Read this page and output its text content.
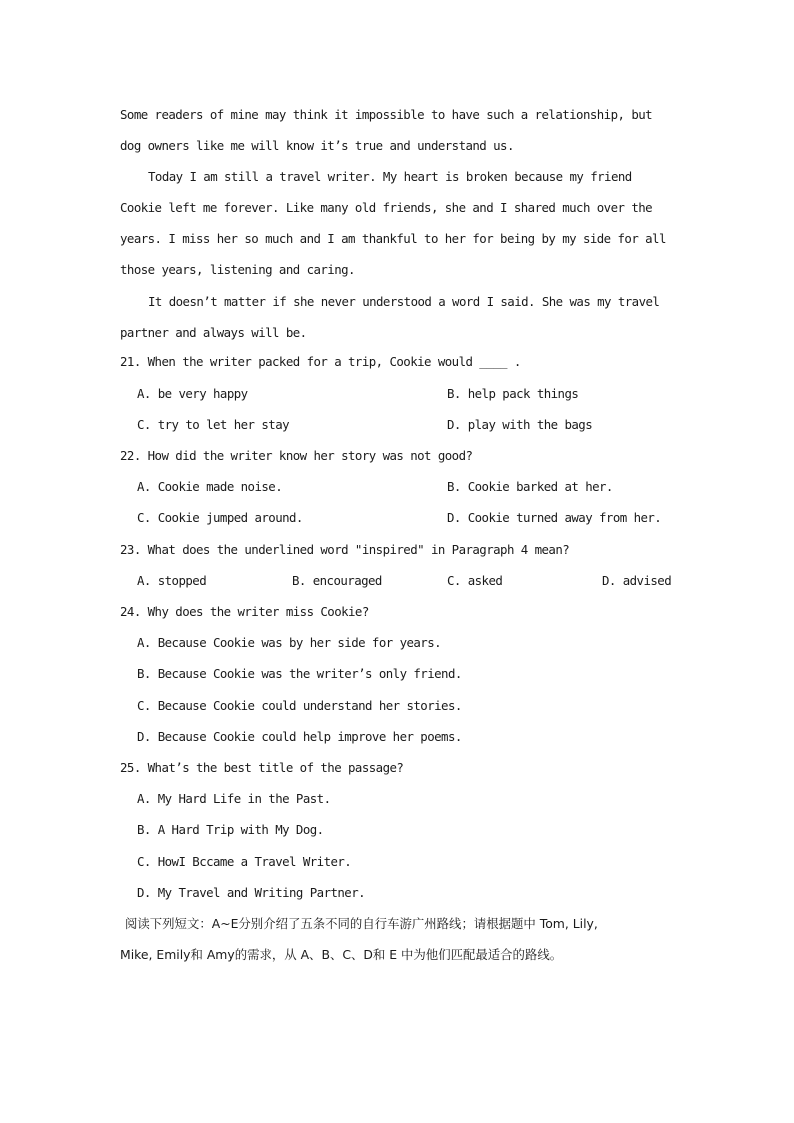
Some readers of mine may think it impossible to have such a relationship, but
dog owners like me will know it’s true and understand us.
Today I am still a travel writer. My heart is broken because my friend
Cookie left me forever. Like many old friends, she and I shared much over the
years. I miss her so much and I am thankful to her for being by my side for all
those years, listening and caring.
It doesn’t matter if she never understood a word I said. She was my travel
partner and always will be.
21. When the writer packed for a trip, Cookie would ____ .
A. be very happy	B. help pack things
C. try to let her stay	D. play with the bags
22. How did the writer know her story was not good?
A. Cookie made noise.	B. Cookie barked at her.
C. Cookie jumped around.	D. Cookie turned away from her.
23. What does the underlined word "inspired" in Paragraph 4 mean?
A. stopped	B. encouraged	C. asked	D. advised
24. Why does the writer miss Cookie?
A. Because Cookie was by her side for years.
B. Because Cookie was the writer’s only friend.
C. Because Cookie could understand her stories.
D. Because Cookie could help improve her poems.
25. What’s the best title of the passage?
A. My Hard Life in the Past.
B. A Hard Trip with My Dog.
C. HowI Bccame a Travel Writer.
D. My Travel and Writing Partner.
阅读下列短文：A~E分别介绍了五条不同的自行车游广州路线；请根据题中 Tom, Lily,
Mike, Emily和 Amy的需求，从 A、B、C、D和 E 中为他们匹配最适合的路线。
